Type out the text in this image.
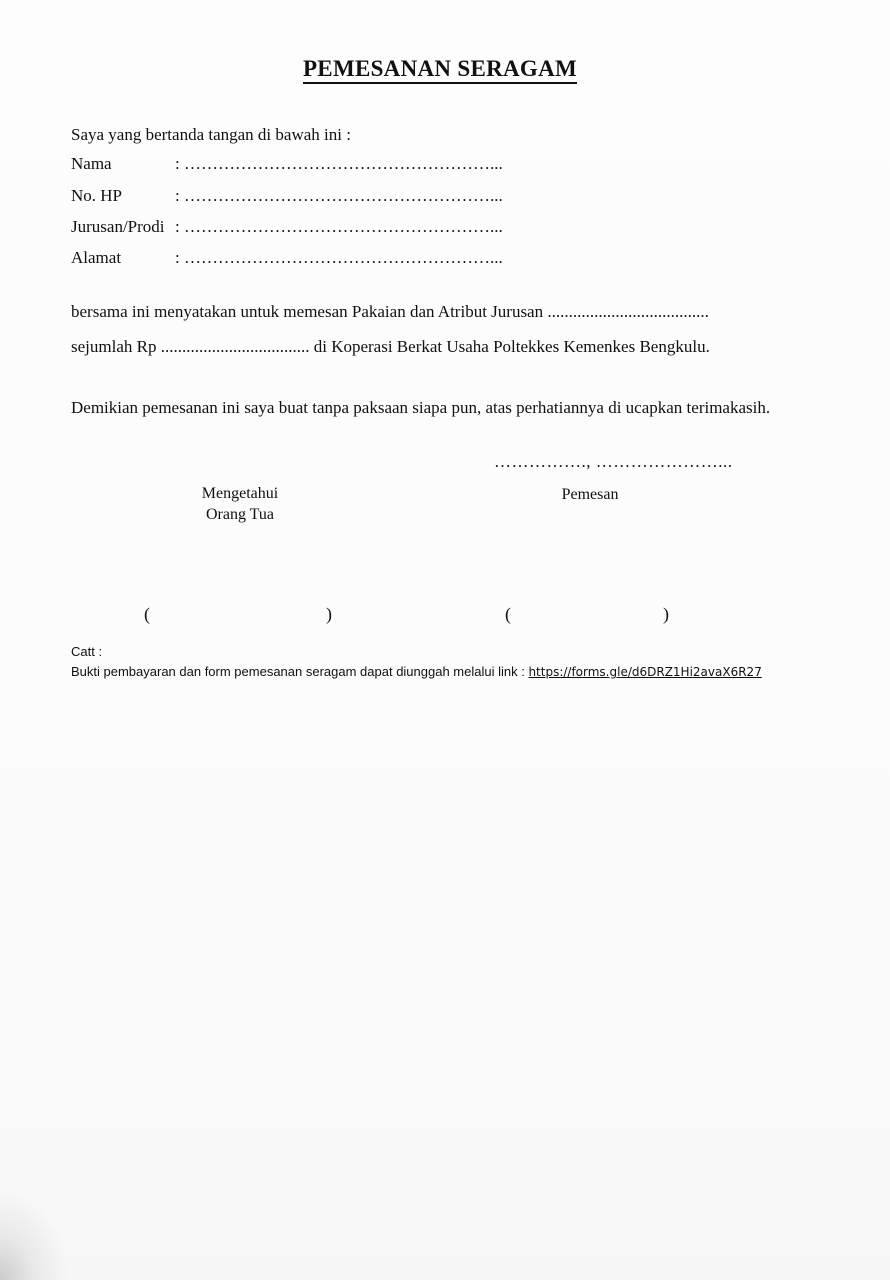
PEMESANAN SERAGAM
Saya yang bertanda tangan di bawah ini :
Nama	: ………………………………………………...
No. HP	: ………………………………………………...
Jurusan/Prodi : ………………………………………………...
Alamat	: ………………………………………………...
bersama ini menyatakan untuk memesan Pakaian dan Atribut Jurusan ......................................
sejumlah Rp ................................... di Koperasi Berkat Usaha Poltekkes Kemenkes Bengkulu.
Demikian pemesanan ini saya buat tanpa paksaan siapa pun, atas perhatiannya di ucapkan terimakasih.
……………., …………………...
Mengetahui
Orang Tua
Pemesan
(	)	(	)
Catt :
Bukti pembayaran dan form pemesanan seragam dapat diunggah melalui link : https://forms.gle/d6DRZ1Hi2avaX6R27
